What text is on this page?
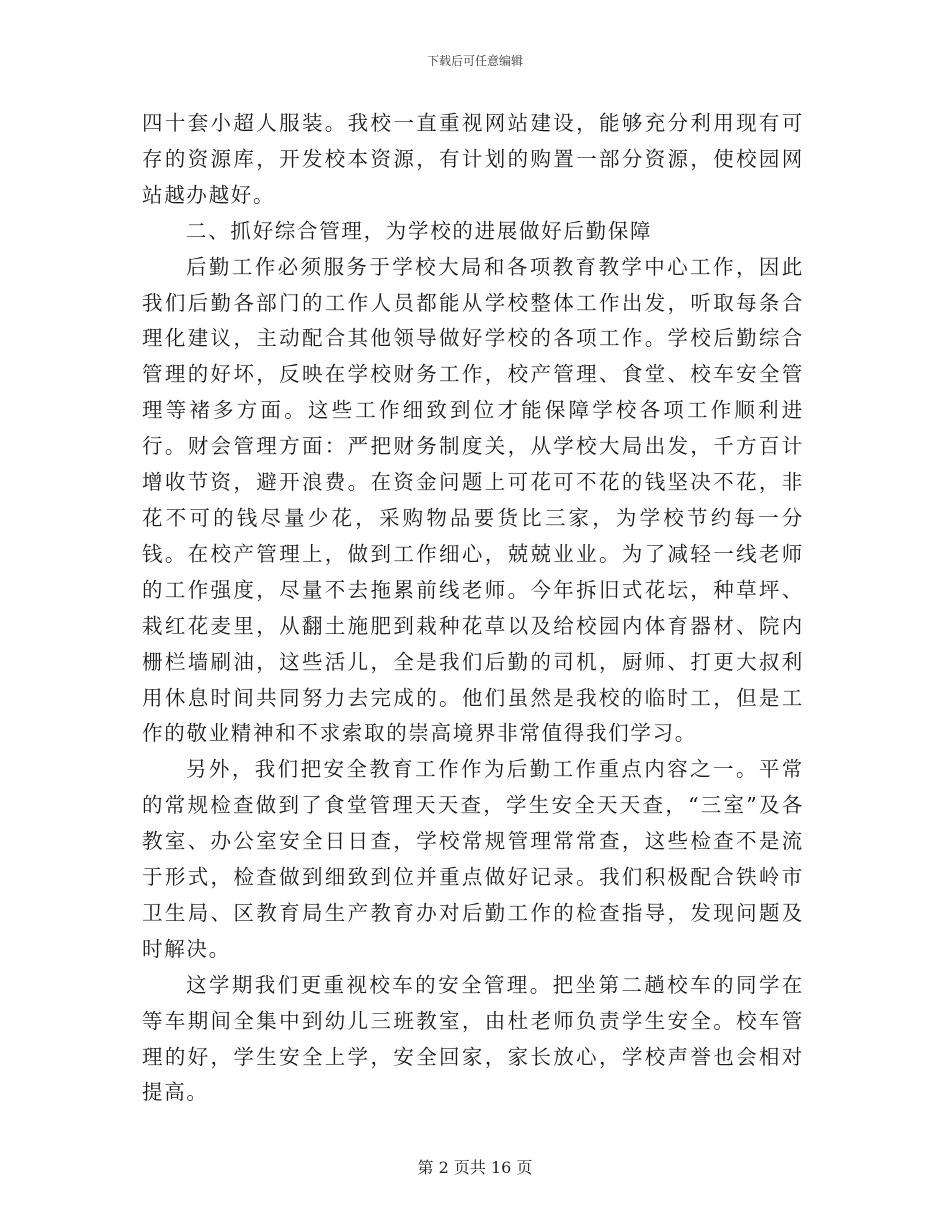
下载后可任意编辑

四十套小超人服装。我校一直重视网站建设，能够充分利用现有可存的资源库，开发校本资源，有计划的购置一部分资源，使校园网站越办越好。

二、抓好综合管理，为学校的进展做好后勤保障

后勤工作必须服务于学校大局和各项教育教学中心工作，因此我们后勤各部门的工作人员都能从学校整体工作出发，听取每条合理化建议，主动配合其他领导做好学校的各项工作。学校后勤综合管理的好坏，反映在学校财务工作，校产管理、食堂、校车安全管理等褚多方面。这些工作细致到位才能保障学校各项工作顺利进行。财会管理方面：严把财务制度关，从学校大局出发，千方百计增收节资，避开浪费。在资金问题上可花可不花的钱坚决不花，非花不可的钱尽量少花，采购物品要货比三家，为学校节约每一分钱。在校产管理上，做到工作细心，兢兢业业。为了减轻一线老师的工作强度，尽量不去拖累前线老师。今年拆旧式花坛，种草坪、栽红花麦里，从翻土施肥到栽种花草以及给校园内体育器材、院内栅栏墙刷油，这些活儿，全是我们后勤的司机，厨师、打更大叔利用休息时间共同努力去完成的。他们虽然是我校的临时工，但是工作的敬业精神和不求索取的崇高境界非常值得我们学习。

另外，我们把安全教育工作作为后勤工作重点内容之一。平常的常规检查做到了食堂管理天天查，学生安全天天查，“三室”及各教室、办公室安全日日查，学校常规管理常常查，这些检查不是流于形式，检查做到细致到位并重点做好记录。我们积极配合铁岭市卫生局、区教育局生产教育办对后勤工作的检查指导，发现问题及时解决。

这学期我们更重视校车的安全管理。把坐第二趟校车的同学在等车期间全集中到幼儿三班教室，由杜老师负责学生安全。校车管理的好，学生安全上学，安全回家，家长放心，学校声誉也会相对提高。

第 2 页共 16 页
